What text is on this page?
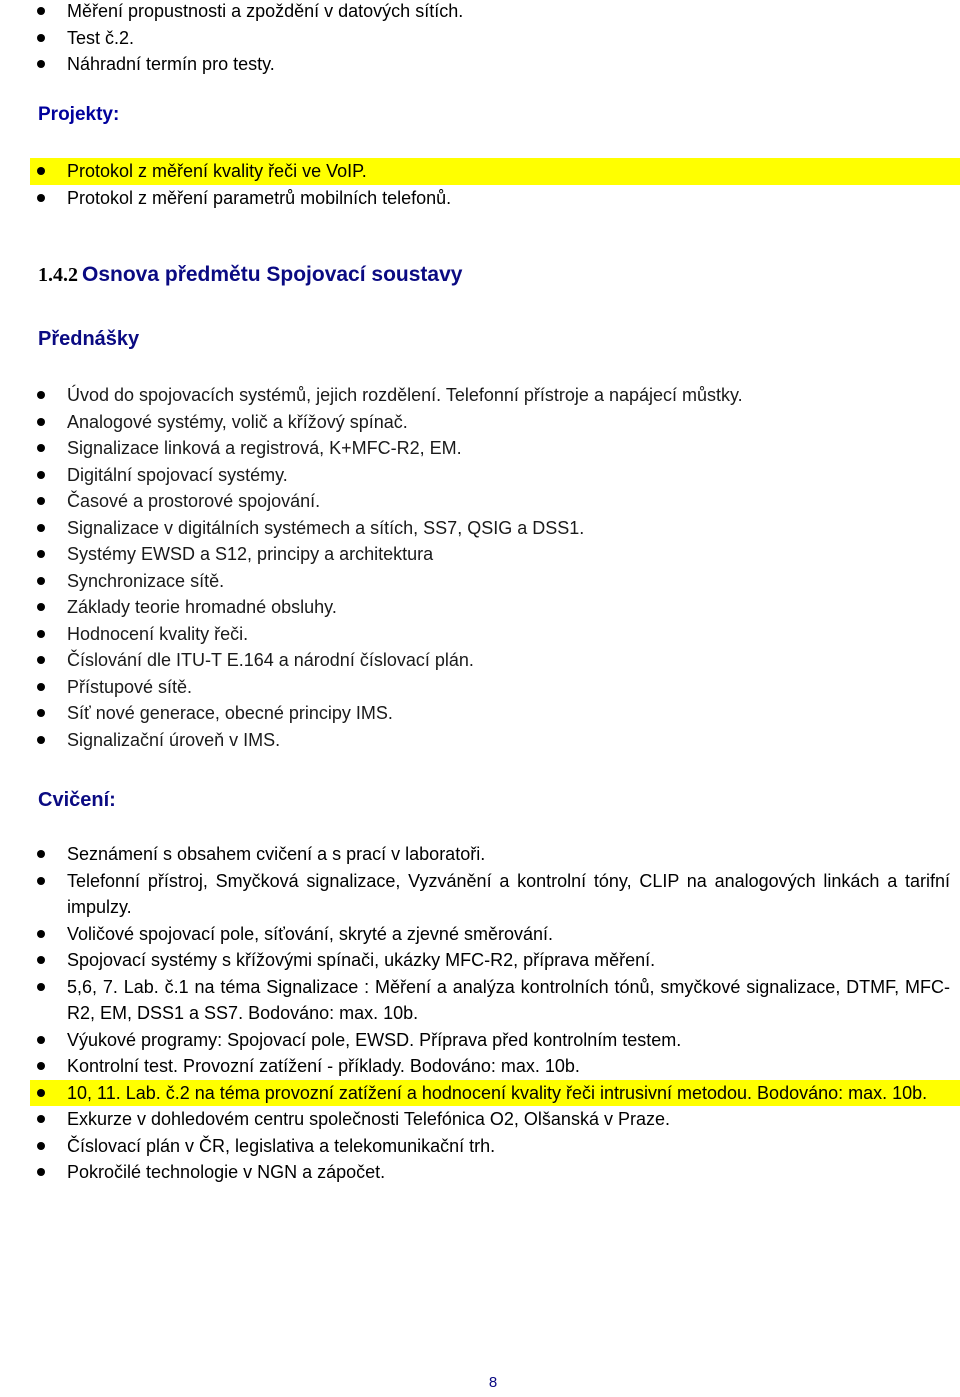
Měření propustnosti a zpoždění v datových sítích.
Test č.2.
Náhradní termín pro testy.
Projekty:
Protokol z měření kvality řeči ve VoIP.
Protokol z měření parametrů mobilních telefonů.
1.4.2 Osnova předmětu Spojovací soustavy
Přednášky
Úvod do spojovacích systémů, jejich rozdělení. Telefonní přístroje a napájecí můstky.
Analogové systémy, volič a křížový spínač.
Signalizace linková a registrová, K+MFC-R2, EM.
Digitální spojovací systémy.
Časové a prostorové spojování.
Signalizace v digitálních systémech a sítích, SS7, QSIG a DSS1.
Systémy EWSD a S12, principy a architektura
Synchronizace sítě.
Základy teorie hromadné obsluhy.
Hodnocení kvality řeči.
Číslování dle ITU-T E.164 a národní číslovací plán.
Přístupové sítě.
Síť nové generace, obecné principy IMS.
Signalizační úroveň v IMS.
Cvičení:
Seznámení s obsahem cvičení a s prací v laboratoři.
Telefonní přístroj, Smyčková signalizace, Vyzvánění a kontrolní tóny, CLIP na analogových linkách a tarifní impulzy.
Voličové spojovací pole, síťování, skryté a zjevné směrování.
Spojovací systémy s křížovými spínači, ukázky MFC-R2, příprava měření.
5,6, 7. Lab. č.1 na téma Signalizace : Měření a analýza kontrolních tónů, smyčkové signalizace, DTMF, MFC-R2, EM, DSS1 a SS7. Bodováno: max. 10b.
Výukové programy: Spojovací pole, EWSD. Příprava před kontrolním testem.
Kontrolní test. Provozní zatížení - příklady. Bodováno: max. 10b.
10, 11. Lab. č.2 na téma provozní zatížení a hodnocení kvality řeči intrusivní metodou. Bodováno: max. 10b.
Exkurze v dohledovém centru společnosti Telefónica O2, Olšanská v Praze.
Číslovací plán v ČR, legislativa a telekomunikační trh.
Pokročilé technologie v NGN a zápočet.
8
